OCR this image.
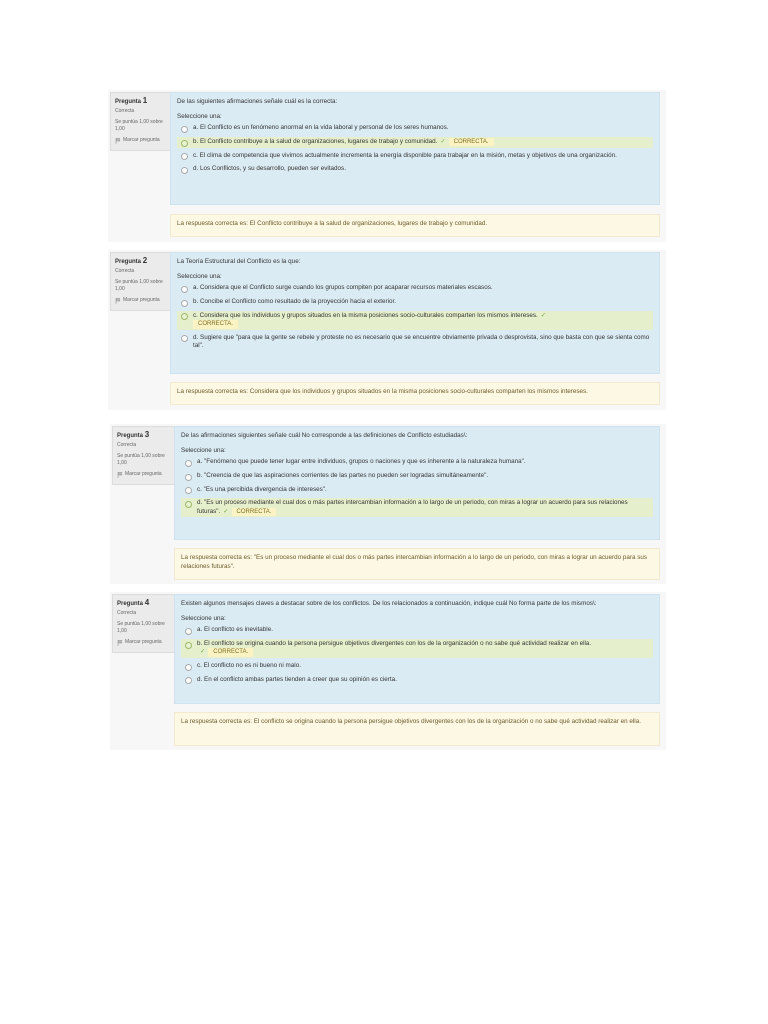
Pregunta 1
Correcta
Se puntúa 1,00 sobre 1,00
Marcar pregunta
De las siguientes afirmaciones señale cuál es la correcta:
Seleccione una:
a. El Conflicto es un fenómeno anormal en la vida laboral y personal de los seres humanos.
b. El Conflicto contribuye a la salud de organizaciones, lugares de trabajo y comunidad. ✓ CORRECTA.
c. El clima de competencia que vivimos actualmente incrementa la energía disponible para trabajar en la misión, metas y objetivos de una organización.
d. Los Conflictos, y su desarrollo, pueden ser evitados.
La respuesta correcta es: El Conflicto contribuye a la salud de organizaciones, lugares de trabajo y comunidad.
Pregunta 2
Correcta
Se puntúa 1,00 sobre 1,00
Marcar pregunta
La Teoría Estructural del Conflicto es la que:
Seleccione una:
a. Considera que el Conflicto surge cuando los grupos compiten por acaparar recursos materiales escasos.
b. Concibe el Conflicto como resultado de la proyección hacia el exterior.
c. Considera que los individuos y grupos situados en la misma posiciones socio-culturales comparten los mismos intereses. ✓
CORRECTA.
d. Sugiere que "para que la gente se rebele y proteste no es necesario que se encuentre obviamente privada o desprovista, sino que basta con que se sienta como tal".
La respuesta correcta es: Considera que los individuos y grupos situados en la misma posiciones socio-culturales comparten los mismos intereses.
Pregunta 3
Correcta
Se puntúa 1,00 sobre 1,00
Marcar pregunta
De las afirmaciones siguientes señale cuál No corresponde a las definiciones de Conflicto estudiadas\:
Seleccione una:
a. "Fenómeno que puede tener lugar entre individuos, grupos o naciones y que es inherente a la naturaleza humana".
b. "Creencia de que las aspiraciones corrientes de las partes no pueden ser logradas simultáneamente".
c. "Es una percibida divergencia de intereses".
d. "Es un proceso mediante el cual dos o más partes intercambian información a lo largo de un periodo, con miras a lograr un acuerdo para sus relaciones futuras". ✓ CORRECTA.
La respuesta correcta es: "Es un proceso mediante el cual dos o más partes intercambian información a lo largo de un periodo, con miras a lograr un acuerdo para sus relaciones futuras".
Pregunta 4
Correcta
Se puntúa 1,00 sobre 1,00
Marcar pregunta
Existen algunos mensajes claves a destacar sobre de los conflictos. De los relacionados a continuación, indique cuál No forma parte de los mismos\:
Seleccione una:
a. El conflicto es inevitable.
b. El conflicto se origina cuando la persona persigue objetivos divergentes con los de la organización o no sabe qué actividad realizar en ella.
✓ CORRECTA.
c. El conflicto no es ni bueno ni malo.
d. En el conflicto ambas partes tienden a creer que su opinión es cierta.
La respuesta correcta es: El conflicto se origina cuando la persona persigue objetivos divergentes con los de la organización o no sabe qué actividad realizar en ella.
